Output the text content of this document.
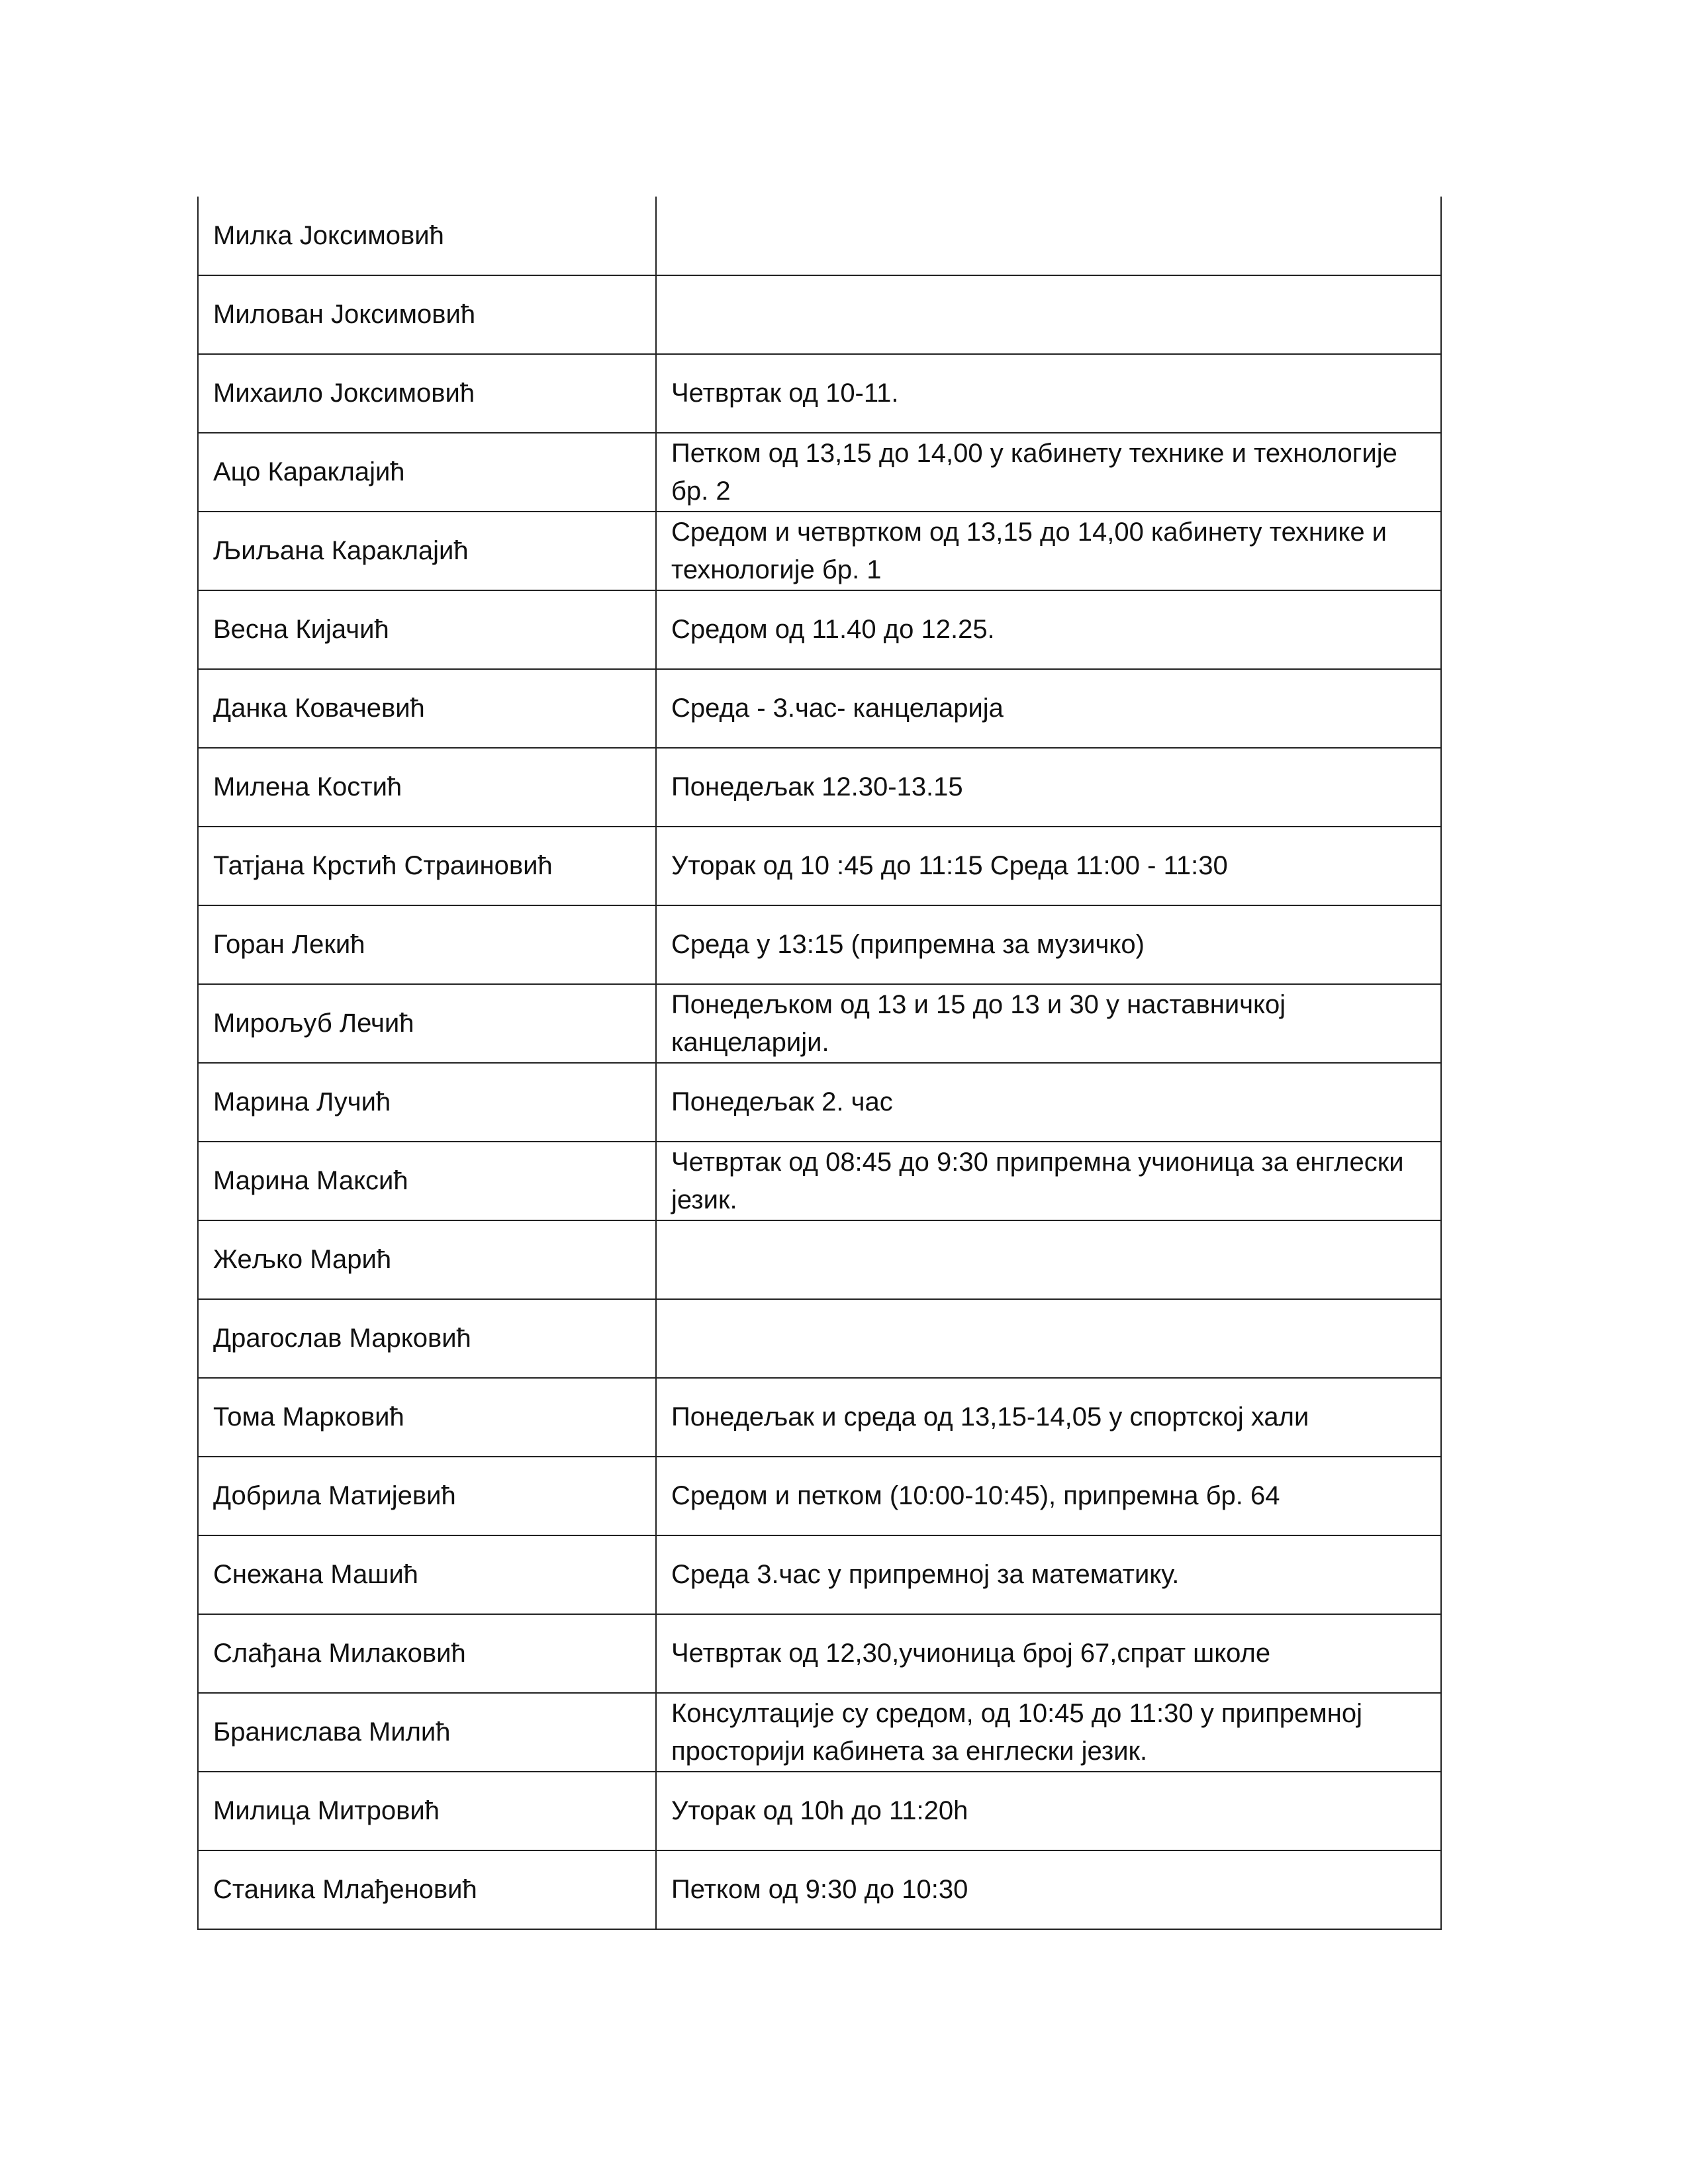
Милка Јоксимовић	
Милован Јоксимовић	
Михаило Јоксимовић	Четвртак од 10-11.
Ацо Караклајић	Петком од 13,15 до 14,00 у кабинету технике и технологије бр. 2
Љиљана Караклајић	Средом и четвртком од 13,15 до 14,00 кабинету технике и технологије бр. 1
Весна Кијачић	Средом од 11.40 до 12.25.
Данка Ковачевић	Среда - 3.час- канцеларија
Милена Костић	Понедељак 12.30-13.15
Татјана Крстић Страиновић	Уторак од 10 :45 до 11:15 Среда 11:00 - 11:30
Горан Лекић	Среда у 13:15 (припремна за музичко)
Мирољуб Лечић	Понедељком од 13 и 15 до 13 и 30 у наставничкој канцеларији.
Марина Лучић	Понедељак 2. час
Марина Максић	Четвртак од 08:45 до 9:30 припремна учионица за енглески језик.
Жељко Марић	
Драгослав Марковић	
Тома Марковић	Понедељак и среда од 13,15-14,05 у спортској хали
Добрила Матијевић	Средом и петком (10:00-10:45), припремна бр. 64
Снежана Машић	Среда 3.час у припремној за математику.
Слађана Милаковић	Четвртак од 12,30,учионица број 67,спрат школе
Бранислава Милић	Консултације су средом, од 10:45 до 11:30 у припремној просторији кабинета за енглески језик.
Милица Митровић	Уторак од 10h до 11:20h
Станика Млађеновић	Петком од 9:30 до 10:30
